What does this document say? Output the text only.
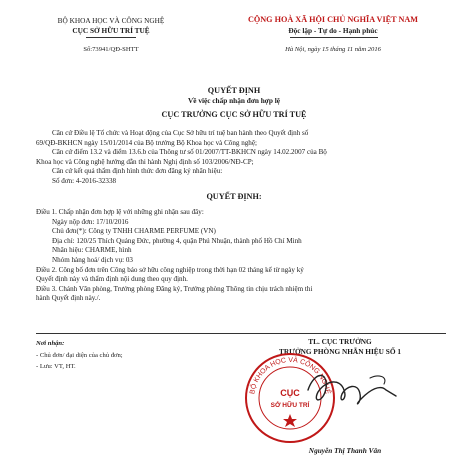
BỘ KHOA HỌC VÀ CÔNG NGHỆ
CỤC SỞ HỮU TRÍ TUỆ
Số:73941/QĐ-SHTT
CỘNG HOÀ XÃ HỘI CHỦ NGHĨA VIỆT NAM
Độc lập - Tự do - Hạnh phúc
Hà Nội, ngày 15 tháng 11 năm 2016
QUYẾT ĐỊNH
Về việc chấp nhận đơn hợp lệ
CỤC TRƯỞNG CỤC SỞ HỮU TRÍ TUỆ
Căn cứ Điều lệ Tổ chức và Hoạt động của Cục Sở hữu trí tuệ ban hành theo Quyết định số
69/QĐ-BKHCN ngày 15/01/2014 của Bộ trưởng Bộ Khoa học và Công nghệ;
Căn cứ điểm 13.2 và điểm 13.6.b của Thông tư số 01/2007/TT-BKHCN ngày 14.02.2007 của Bộ
Khoa học và Công nghệ hướng dẫn thi hành Nghị định số 103/2006/NĐ-CP;
Căn cứ kết quả thẩm định hình thức đơn đăng ký nhãn hiệu:
Số đơn: 4-2016-32338
QUYẾT ĐỊNH:
Điều 1. Chấp nhận đơn hợp lệ với những ghi nhận sau đây:
Ngày nộp đơn: 17/10/2016
Chủ đơn(*): Công ty TNHH CHARME PERFUME (VN)
Địa chỉ: 120/25 Thích Quảng Đức, phường 4, quận Phú Nhuận, thành phố Hồ Chí Minh
Nhãn hiệu: CHARME, hình
Nhóm hàng hoá/ dịch vụ: 03
Điều 2. Công bố đơn trên Công báo sở hữu công nghiệp trong thời hạn 02 tháng kể từ ngày ký
Quyết định này và thẩm định nội dung theo quy định.
Điều 3. Chánh Văn phòng, Trưởng phòng Đăng ký, Trưởng phòng Thông tin chịu trách nhiệm thi
hành Quyết định này./.
Nơi nhận:
- Chủ đơn/ đại diện của chủ đơn;
- Lưu: VT, HT.
TL. CỤC TRƯỞNG
TRƯỞNG PHÒNG NHÃN HIỆU SỐ 1
BỘ KHOA HỌC VÀ CÔNG NGHỆ
CỤC
SỞ HỮU TRÍ
Nguyễn Thị Thanh Vân
